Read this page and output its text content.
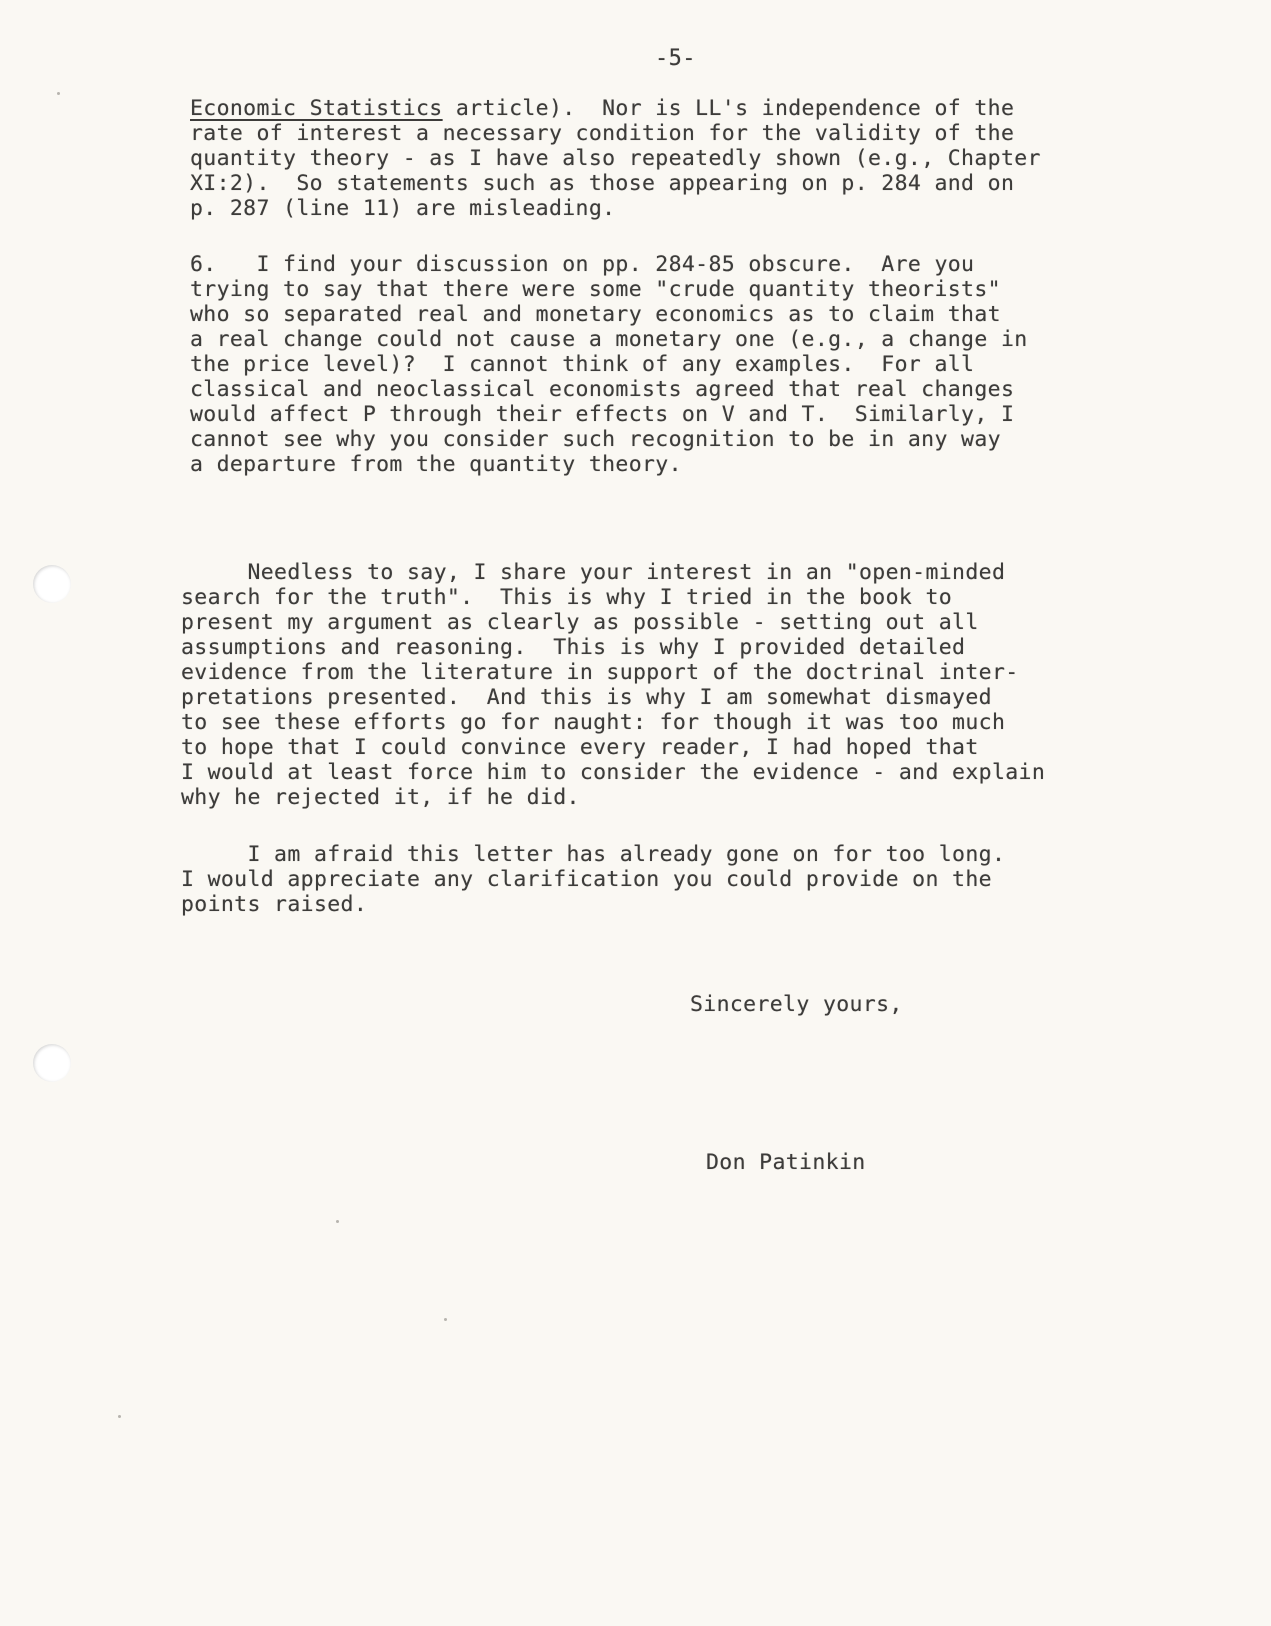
-5-

Economic Statistics article).  Nor is LL's independence of the
rate of interest a necessary condition for the validity of the
quantity theory - as I have also repeatedly shown (e.g., Chapter
XI:2).  So statements such as those appearing on p. 284 and on
p. 287 (line 11) are misleading.

6.   I find your discussion on pp. 284-85 obscure.  Are you
trying to say that there were some "crude quantity theorists"
who so separated real and monetary economics as to claim that
a real change could not cause a monetary one (e.g., a change in
the price level)?  I cannot think of any examples.  For all
classical and neoclassical economists agreed that real changes
would affect P through their effects on V and T.  Similarly, I
cannot see why you consider such recognition to be in any way
a departure from the quantity theory.

Needless to say, I share your interest in an "open-minded
search for the truth".  This is why I tried in the book to
present my argument as clearly as possible - setting out all
assumptions and reasoning.  This is why I provided detailed
evidence from the literature in support of the doctrinal inter-
pretations presented.  And this is why I am somewhat dismayed
to see these efforts go for naught: for though it was too much
to hope that I could convince every reader, I had hoped that
I would at least force him to consider the evidence - and explain
why he rejected it, if he did.

I am afraid this letter has already gone on for too long.
I would appreciate any clarification you could provide on the
points raised.

Sincerely yours,

Don Patinkin
